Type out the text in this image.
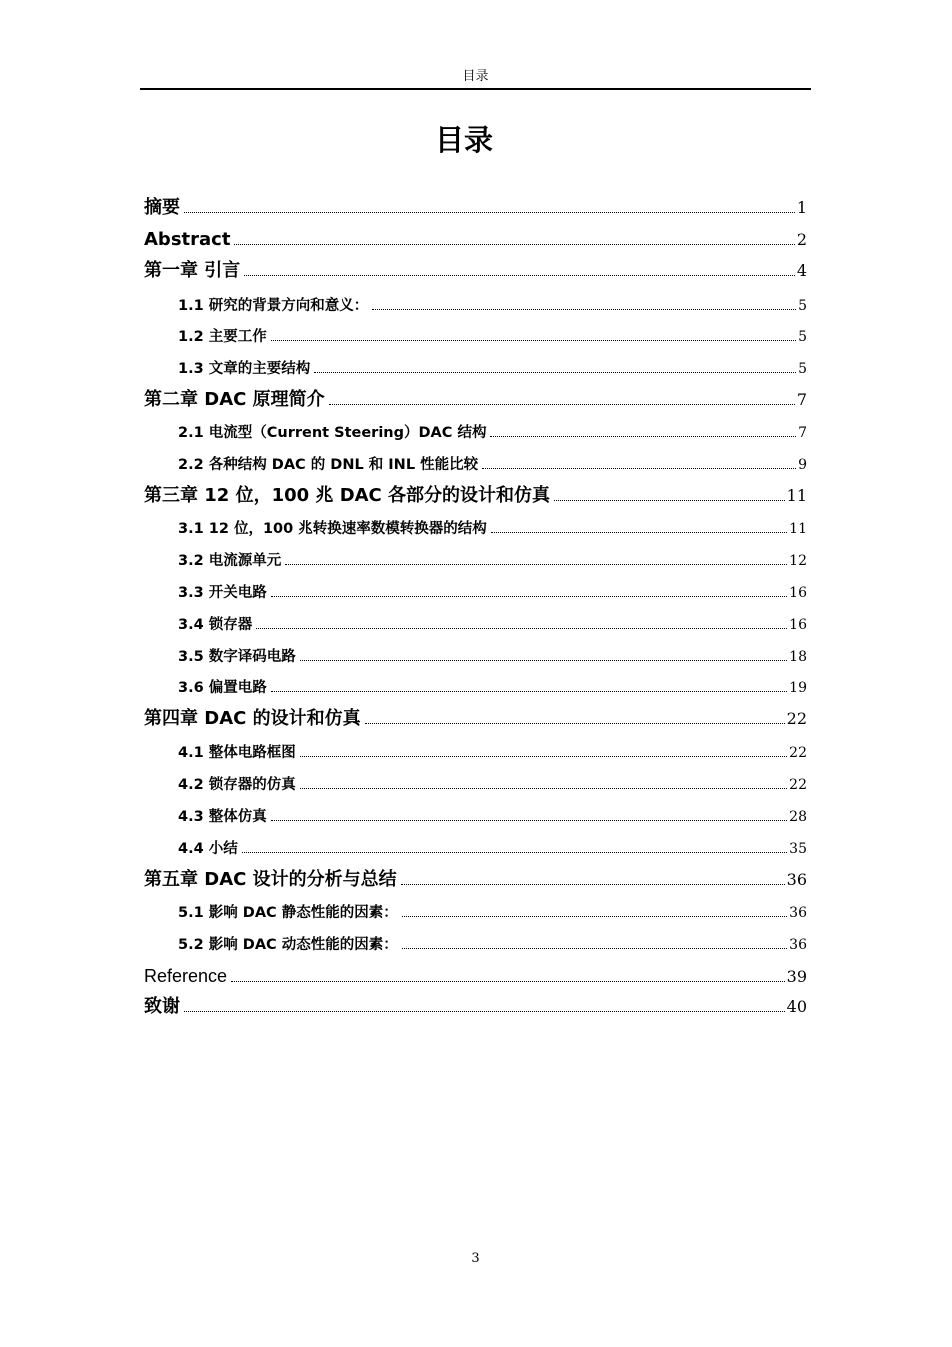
目录
目录
摘要	1
Abstract	2
第一章 引言	4
1.1 研究的背景方向和意义：	5
1.2 主要工作	5
1.3 文章的主要结构	5
第二章 DAC 原理简介	7
2.1 电流型（Current Steering）DAC 结构	7
2.2 各种结构 DAC 的 DNL 和 INL 性能比较	9
第三章 12 位，100 兆 DAC 各部分的设计和仿真	11
3.1 12 位，100 兆转换速率数模转换器的结构	11
3.2 电流源单元	12
3.3 开关电路	16
3.4 锁存器	16
3.5 数字译码电路	18
3.6 偏置电路	19
第四章 DAC 的设计和仿真	22
4.1 整体电路框图	22
4.2 锁存器的仿真	22
4.3 整体仿真	28
4.4 小结	35
第五章 DAC 设计的分析与总结	36
5.1 影响 DAC 静态性能的因素：	36
5.2 影响 DAC 动态性能的因素：	36
Reference	39
致谢	40
3
